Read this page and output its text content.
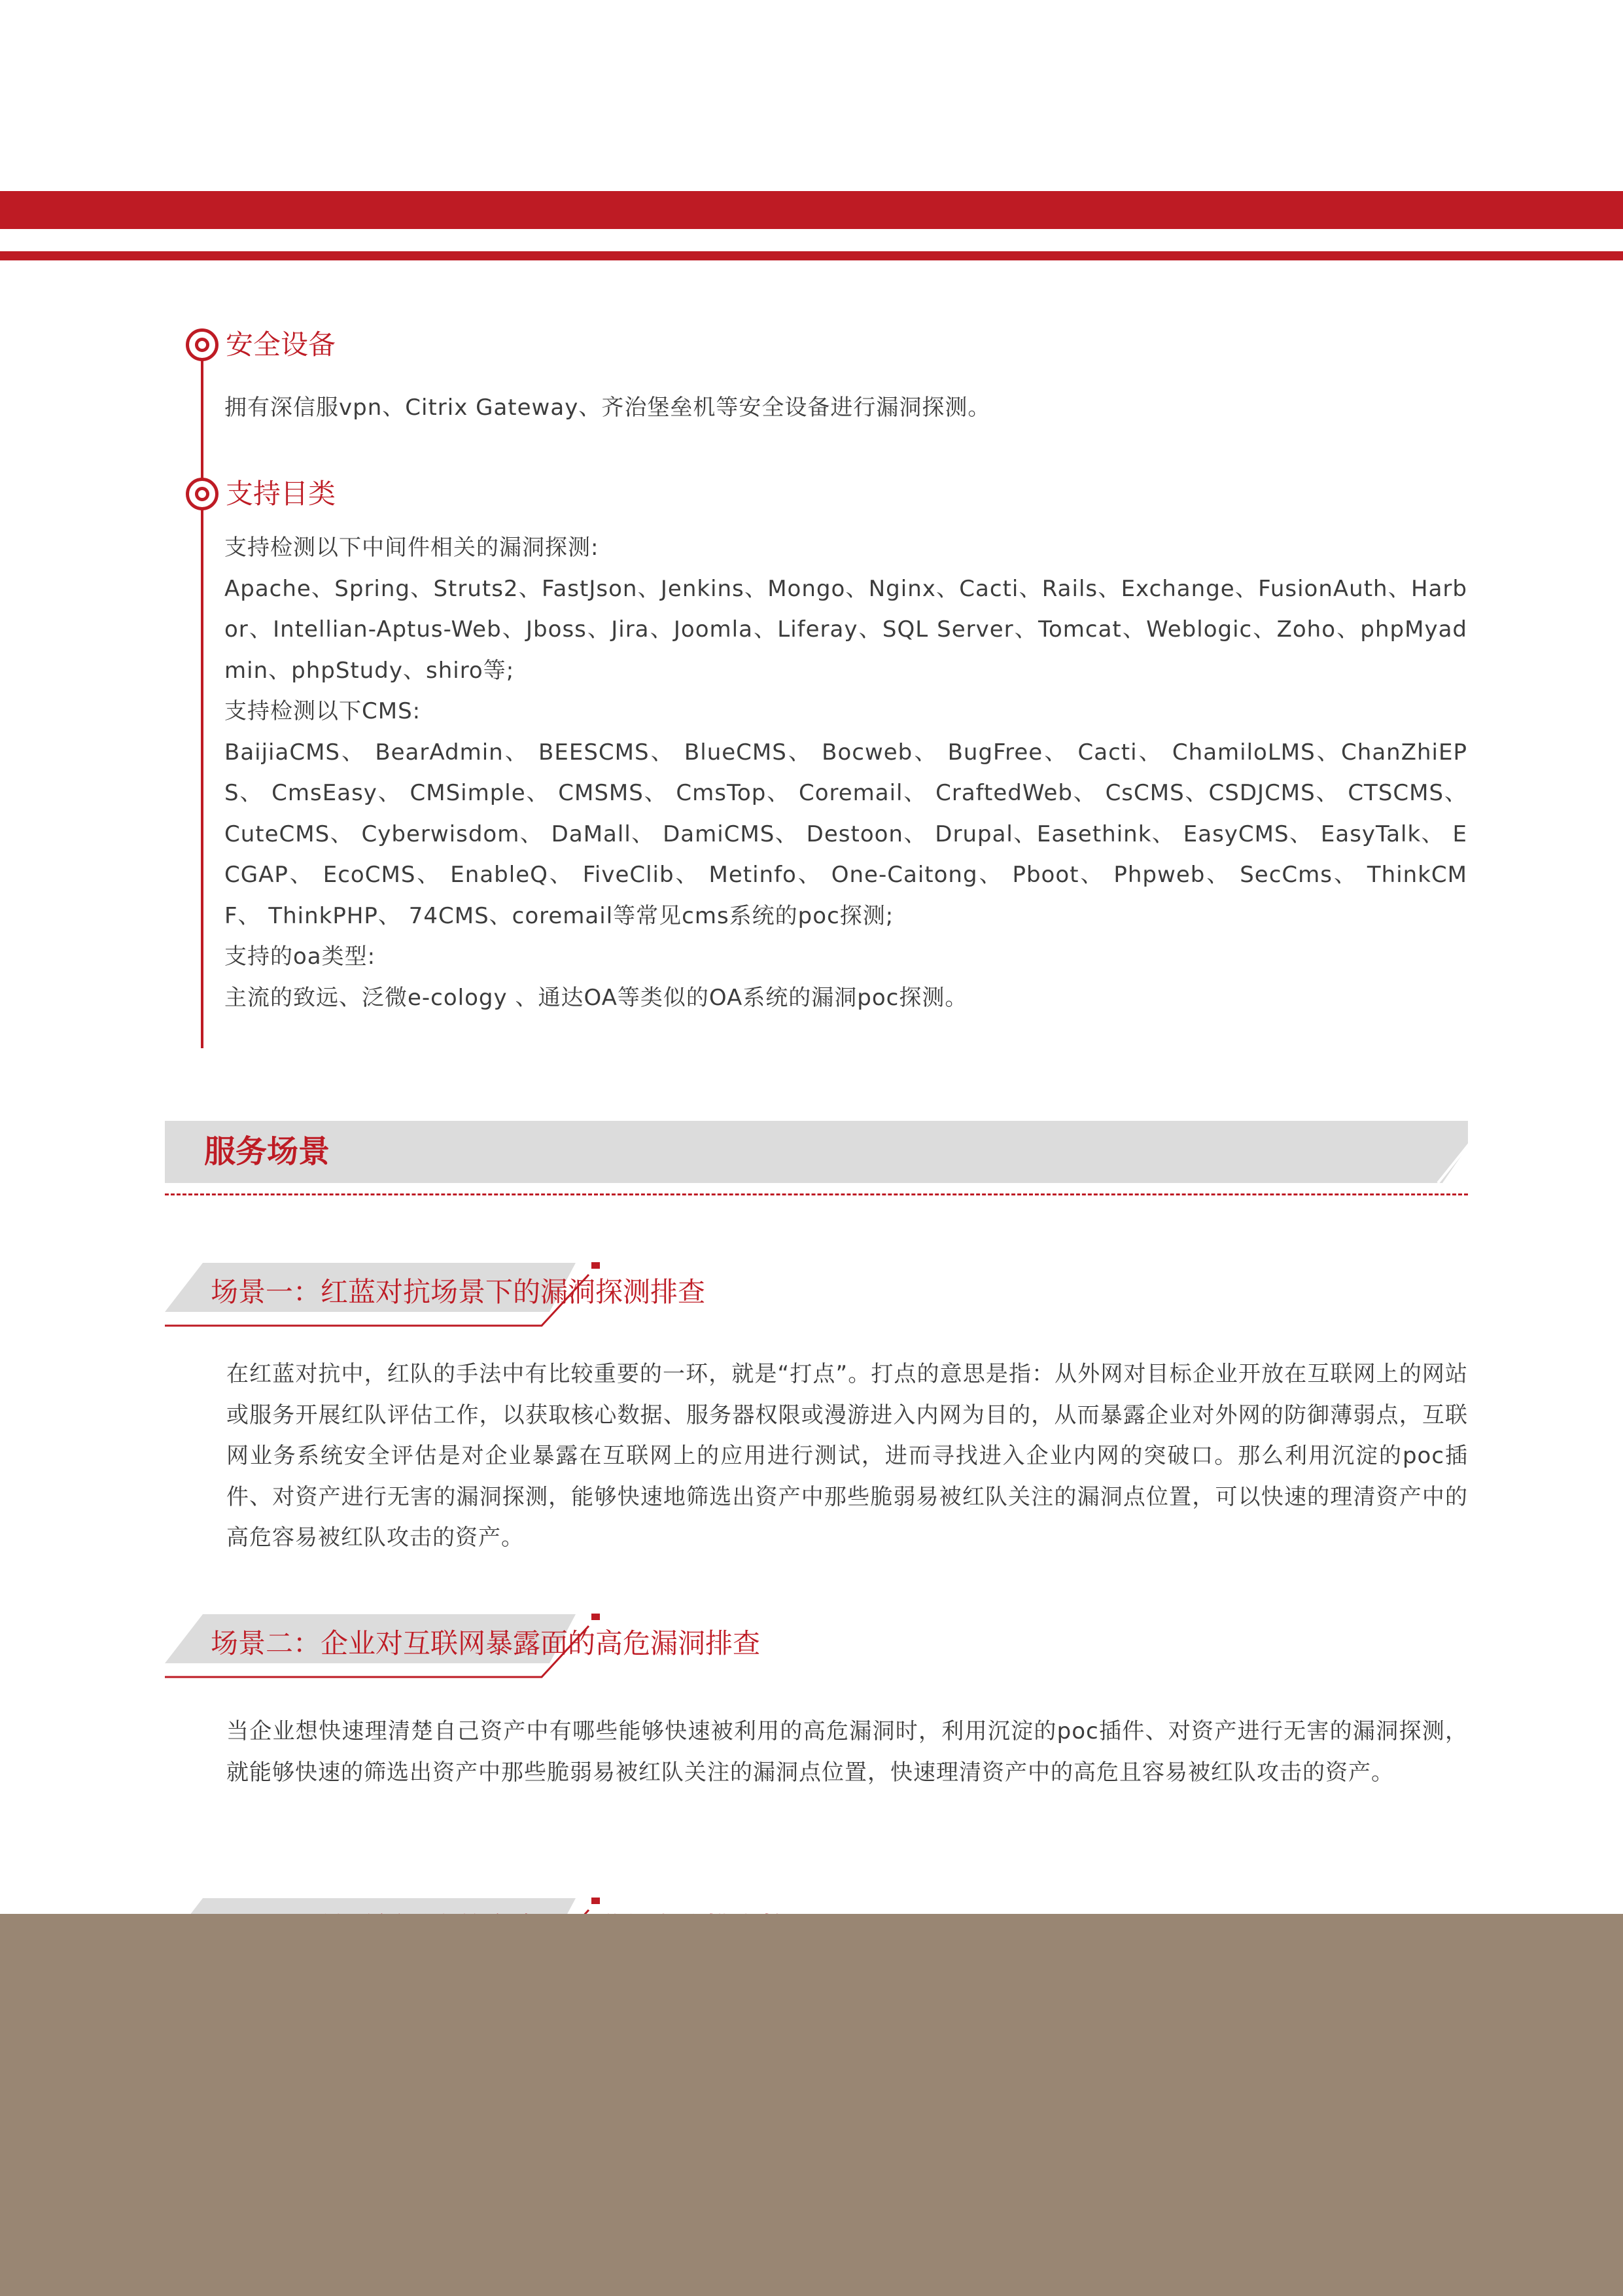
安全设备

拥有深信服vpn、Citrix Gateway、齐治堡垒机等安全设备进行漏洞探测。

支持目类

支持检测以下中间件相关的漏洞探测:

Apache、Spring、Struts2、FastJson、Jenkins、Mongo、Nginx、Cacti、Rails、Exchange、FusionAuth、Harbor、Intellian-Aptus-Web、Jboss、Jira、Joomla、Liferay、SQL Server、Tomcat、Weblogic、Zoho、phpMyadmin、phpStudy、shiro等;

支持检测以下CMS:

BaijiaCMS、 BearAdmin、 BEESCMS、 BlueCMS、 Bocweb、 BugFree、 Cacti、 ChamiloLMS、ChanZhiEPS、 CmsEasy、 CMSimple、 CMSMS、 CmsTop、 Coremail、 CraftedWeb、 CsCMS、CSDJCMS、 CTSCMS、 CuteCMS、 Cyberwisdom、 DaMall、 DamiCMS、 Destoon、 Drupal、Easethink、 EasyCMS、 EasyTalk、 ECGAP、 EcoCMS、 EnableQ、 FiveClib、 Metinfo、 One-Caitong、 Pboot、 Phpweb、 SecCms、 ThinkCMF、 ThinkPHP、 74CMS、coremail等常见cms系统的poc探测;

支持的oa类型:

主流的致远、泛微e-cology 、通达OA等类似的OA系统的漏洞poc探测。

服务场景
场景一：红蓝对抗场景下的漏洞探测排查

在红蓝对抗中，红队的手法中有比较重要的一环，就是“打点”。打点的意思是指：从外网对目标企业开放在互联网上的网站或服务开展红队评估工作，以获取核心数据、服务器权限或漫游进入内网为目的，从而暴露企业对外网的防御薄弱点，互联网业务系统安全评估是对企业暴露在互联网上的应用进行测试，进而寻找进入企业内网的突破口。那么利用沉淀的poc插件、对资产进行无害的漏洞探测，能够快速地筛选出资产中那些脆弱易被红队关注的漏洞点位置，可以快速的理清资产中的高危容易被红队攻击的资产。

场景二：企业对互联网暴露面的高危漏洞排查

当企业想快速理清楚自己资产中有哪些能够快速被利用的高危漏洞时，利用沉淀的poc插件、对资产进行无害的漏洞探测，就能够快速的筛选出资产中那些脆弱易被红队关注的漏洞点位置，快速理清资产中的高危且容易被红队攻击的资产。
